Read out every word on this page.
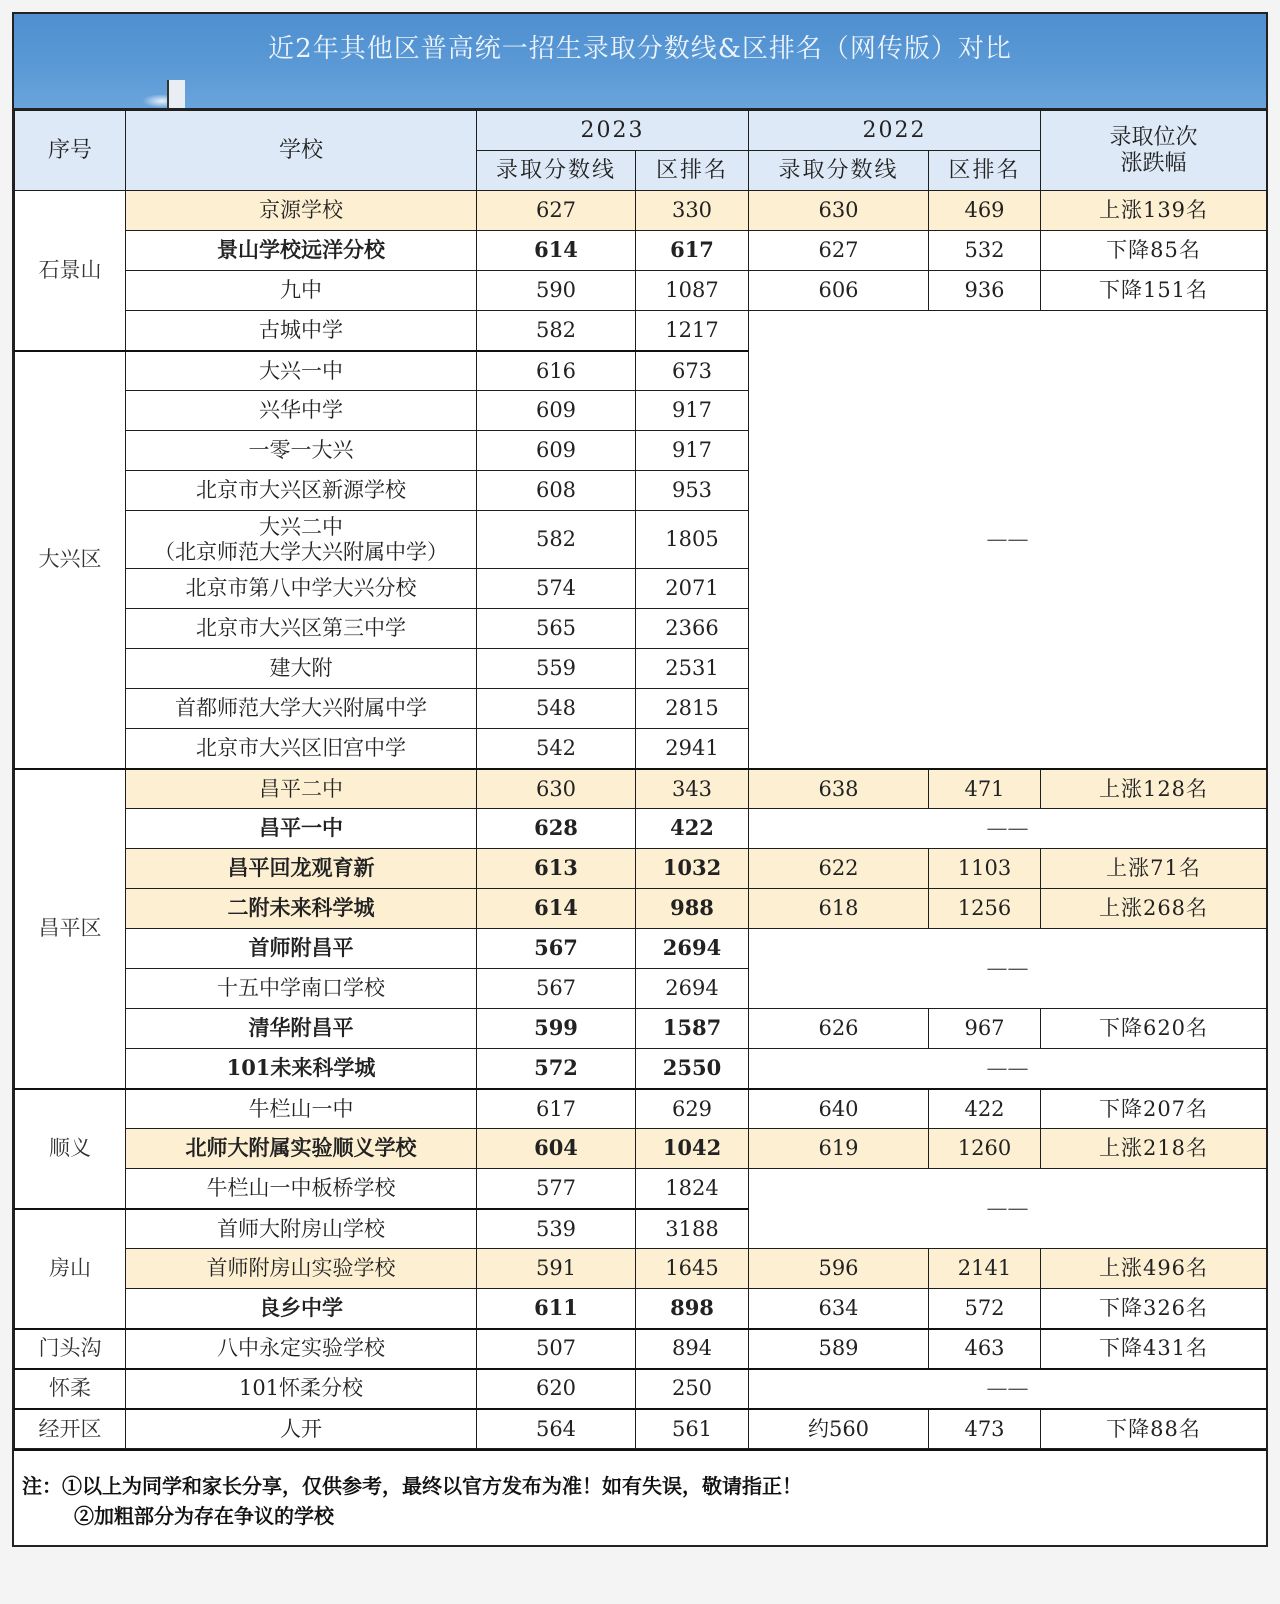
近2年其他区普高统一招生录取分数线&区排名（网传版）对比
序号	学校	2023		2022		录取位次
涨跌幅

		录取分数线	区排名	录取分数线	区排名	
石景山	京源学校	627	330	630	469	上涨139名
	景山学校远洋分校	614	617	627	532	下降85名
	九中	590	1087	606	936	下降151名
	古城中学	582	1217	——		
大兴区	大兴一中	616	673			
	兴华中学	609	917			
	一零一大兴	609	917			
	北京市大兴区新源学校	608	953			

	大兴二中
（北京师范大学大兴附属中学）	582	1805			
	北京市第八中学大兴分校	574	2071			
	北京市大兴区第三中学	565	2366			
	建大附	559	2531			
	首都师范大学大兴附属中学	548	2815			
	北京市大兴区旧宫中学	542	2941			
昌平区	昌平二中	630	343	638	471	上涨128名
	昌平一中	628	422	——		
	昌平回龙观育新	613	1032	622	1103	上涨71名
	二附未来科学城	614	988	618	1256	上涨268名
	首师附昌平	567	2694	——		
	十五中学南口学校	567	2694			
	清华附昌平	599	1587	626	967	下降620名
	101未来科学城	572	2550	——		
顺义	牛栏山一中	617	629	640	422	下降207名
	北师大附属实验顺义学校	604	1042	619	1260	上涨218名
	牛栏山一中板桥学校	577	1824	——		
房山	首师大附房山学校	539	3188			
	首师附房山实验学校	591	1645	596	2141	上涨496名
	良乡中学	611	898	634	572	下降326名
门头沟	八中永定实验学校	507	894	589	463	下降431名
怀柔	101怀柔分校	620	250	——		
经开区	人开	564	561	约560	473	下降88名
注：①以上为同学和家长分享，仅供参考，最终以官方发布为准！如有失误，敬请指正！
②加粗部分为存在争议的学校
